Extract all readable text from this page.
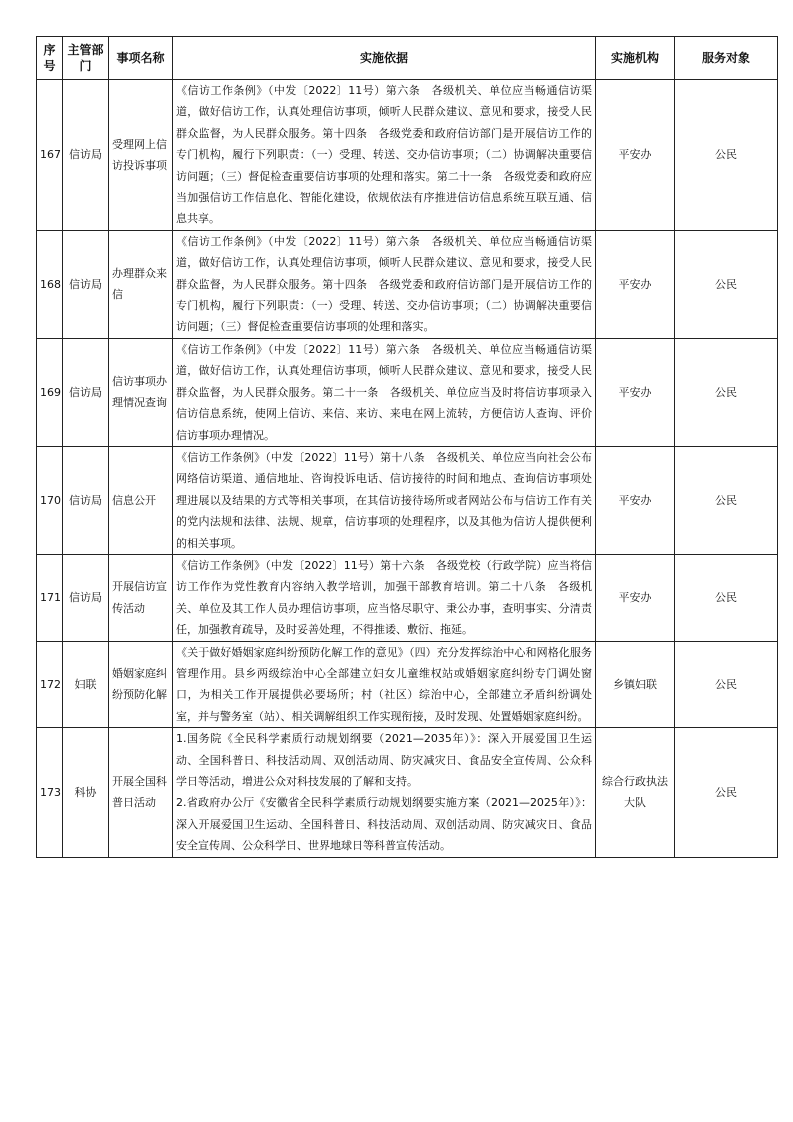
序号	主管部门	事项名称	实施依据	实施机构	服务对象
167	信访局	受理网上信访投诉事项	《信访工作条例》（中发〔2022〕11号）第六条　各级机关、单位应当畅通信访渠道，做好信访工作，认真处理信访事项，倾听人民群众建议、意见和要求，接受人民群众监督，为人民群众服务。第十四条　各级党委和政府信访部门是开展信访工作的专门机构，履行下列职责：（一）受理、转送、交办信访事项；（二）协调解决重要信访问题；（三）督促检查重要信访事项的处理和落实。第二十一条　各级党委和政府应当加强信访工作信息化、智能化建设，依规依法有序推进信访信息系统互联互通、信息共享。	平安办	公民
168	信访局	办理群众来信	《信访工作条例》（中发〔2022〕11号）第六条　各级机关、单位应当畅通信访渠道，做好信访工作，认真处理信访事项，倾听人民群众建议、意见和要求，接受人民群众监督，为人民群众服务。第十四条　各级党委和政府信访部门是开展信访工作的专门机构，履行下列职责：（一）受理、转送、交办信访事项；（二）协调解决重要信访问题；（三）督促检查重要信访事项的处理和落实。	平安办	公民
169	信访局	信访事项办理情况查询	《信访工作条例》（中发〔2022〕11号）第六条　各级机关、单位应当畅通信访渠道，做好信访工作，认真处理信访事项，倾听人民群众建议、意见和要求，接受人民群众监督，为人民群众服务。第二十一条　各级机关、单位应当及时将信访事项录入信访信息系统，使网上信访、来信、来访、来电在网上流转，方便信访人查询、评价信访事项办理情况。	平安办	公民
170	信访局	信息公开	《信访工作条例》（中发〔2022〕11号）第十八条　各级机关、单位应当向社会公布网络信访渠道、通信地址、咨询投诉电话、信访接待的时间和地点、查询信访事项处理进展以及结果的方式等相关事项，在其信访接待场所或者网站公布与信访工作有关的党内法规和法律、法规、规章，信访事项的处理程序，以及其他为信访人提供便利的相关事项。	平安办	公民
171	信访局	开展信访宣传活动	《信访工作条例》（中发〔2022〕11号）第十六条　各级党校（行政学院）应当将信访工作作为党性教育内容纳入教学培训，加强干部教育培训。第二十八条　各级机关、单位及其工作人员办理信访事项，应当恪尽职守、秉公办事，查明事实、分清责任，加强教育疏导，及时妥善处理，不得推诿、敷衍、拖延。	平安办	公民
172	妇联	婚姻家庭纠纷预防化解	《关于做好婚姻家庭纠纷预防化解工作的意见》（四）充分发挥综治中心和网格化服务管理作用。县乡两级综治中心全部建立妇女儿童维权站或婚姻家庭纠纷专门调处窗口，为相关工作开展提供必要场所；村（社区）综治中心，全部建立矛盾纠纷调处室，并与警务室（站）、相关调解组织工作实现衔接，及时发现、处置婚姻家庭纠纷。	乡镇妇联	公民
173	科协	开展全国科普日活动	1.国务院《全民科学素质行动规划纲要（2021—2035年）》：深入开展爱国卫生运动、全国科普日、科技活动周、双创活动周、防灾减灾日、食品安全宣传周、公众科学日等活动，增进公众对科技发展的了解和支持。

2.省政府办公厅《安徽省全民科学素质行动规划纲要实施方案（2021—2025年）》：深入开展爱国卫生运动、全国科普日、科技活动周、双创活动周、防灾减灾日、食品安全宣传周、公众科学日、世界地球日等科普宣传活动。	综合行政执法大队	公民
